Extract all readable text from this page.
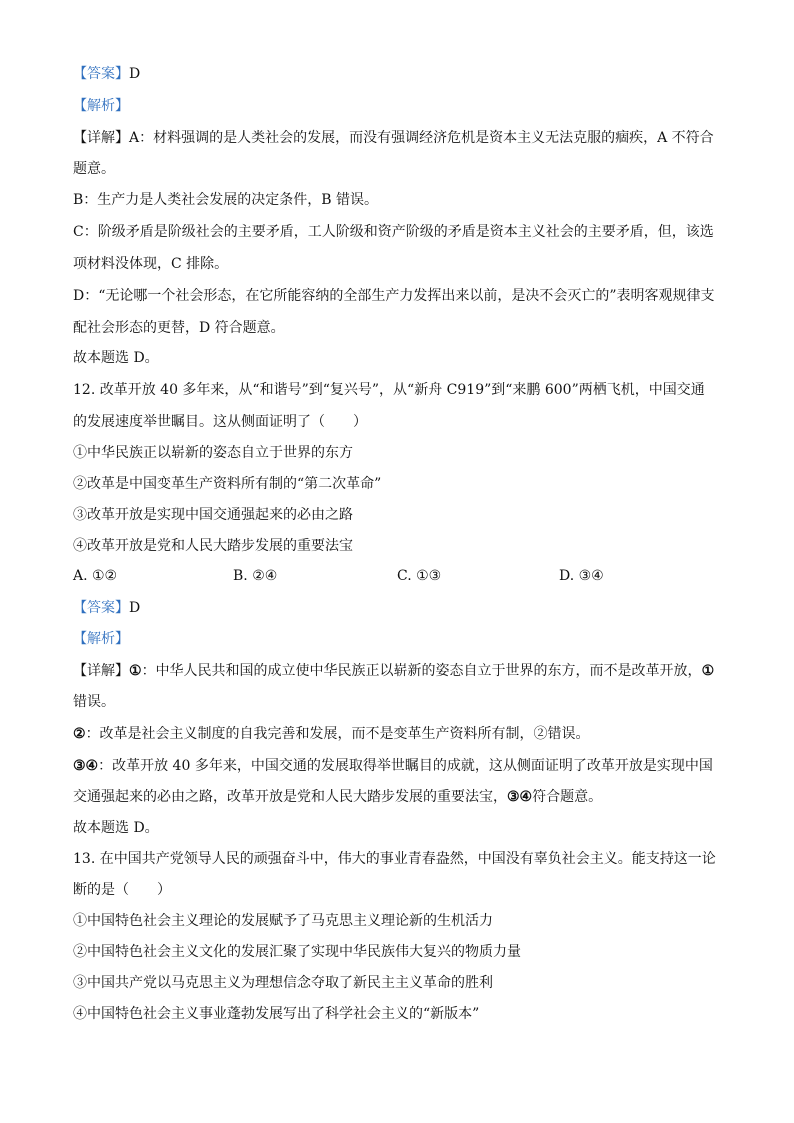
【答案】D
【解析】
【详解】A：材料强调的是人类社会的发展，而没有强调经济危机是资本主义无法克服的痼疾，A 不符合
题意。
B：生产力是人类社会发展的决定条件，B 错误。
C：阶级矛盾是阶级社会的主要矛盾，工人阶级和资产阶级的矛盾是资本主义社会的主要矛盾，但，该选
项材料没体现，C 排除。
D：“无论哪一个社会形态，在它所能容纳的全部生产力发挥出来以前，是决不会灭亡的”表明客观规律支
配社会形态的更替，D 符合题意。
故本题选 D。
12. 改革开放 40 多年来，从“和谐号”到“复兴号”，从“新舟 C919”到“来鹏 600”两栖飞机，中国交通
的发展速度举世瞩目。这从侧面证明了（　　）
①中华民族正以崭新的姿态自立于世界的东方
②改革是中国变革生产资料所有制的“第二次革命”
③改革开放是实现中国交通强起来的必由之路
④改革开放是党和人民大踏步发展的重要法宝
A. ①②	B. ②④	C. ①③	D. ③④
【答案】D
【解析】
【详解】①：中华人民共和国的成立使中华民族正以崭新的姿态自立于世界的东方，而不是改革开放，①
错误。
②：改革是社会主义制度的自我完善和发展，而不是变革生产资料所有制，②错误。
③④：改革开放 40 多年来，中国交通的发展取得举世瞩目的成就，这从侧面证明了改革开放是实现中国
交通强起来的必由之路，改革开放是党和人民大踏步发展的重要法宝，③④符合题意。
故本题选 D。
13. 在中国共产党领导人民的顽强奋斗中，伟大的事业青春盎然，中国没有辜负社会主义。能支持这一论
断的是（　　）
①中国特色社会主义理论的发展赋予了马克思主义理论新的生机活力
②中国特色社会主义文化的发展汇聚了实现中华民族伟大复兴的物质力量
③中国共产党以马克思主义为理想信念夺取了新民主主义革命的胜利
④中国特色社会主义事业蓬勃发展写出了科学社会主义的“新版本”
